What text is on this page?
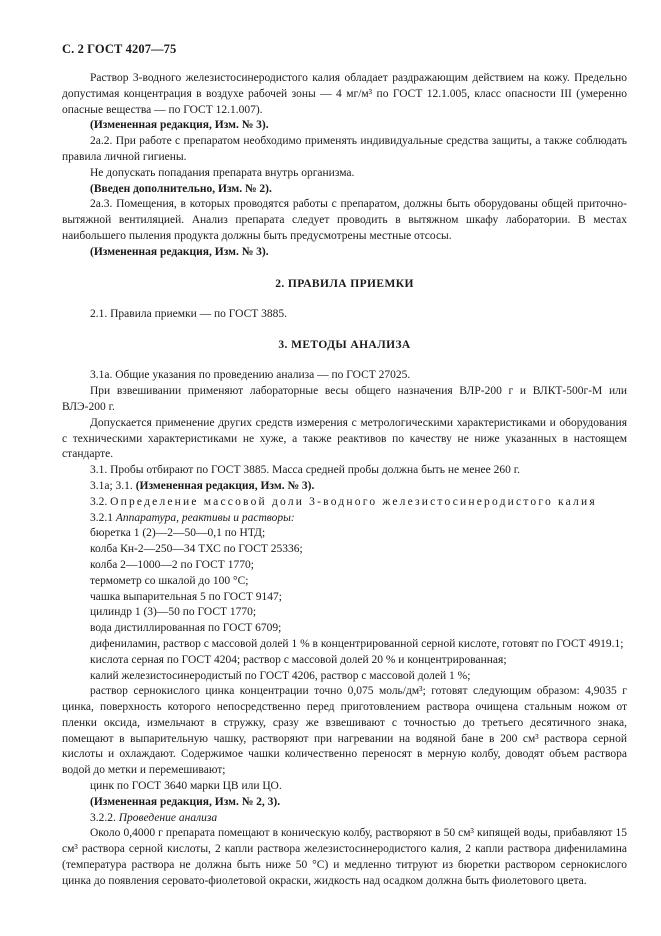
С. 2 ГОСТ 4207—75

Раствор 3-водного железистосинеродистого калия обладает раздражающим действием на кожу. Предельно допустимая концентрация в воздухе рабочей зоны — 4 мг/м³ по ГОСТ 12.1.005, класс опасности III (умеренно опасные вещества — по ГОСТ 12.1.007).

(Измененная редакция, Изм. № 3).

2а.2. При работе с препаратом необходимо применять индивидуальные средства защиты, а также соблюдать правила личной гигиены.

Не допускать попадания препарата внутрь организма.

(Введен дополнительно, Изм. № 2).

2а.3. Помещения, в которых проводятся работы с препаратом, должны быть оборудованы общей приточно-вытяжной вентиляцией. Анализ препарата следует проводить в вытяжном шкафу лаборатории. В местах наибольшего пыления продукта должны быть предусмотрены местные отсосы.

(Измененная редакция, Изм. № 3).

2. ПРАВИЛА ПРИЕМКИ

2.1. Правила приемки — по ГОСТ 3885.

3. МЕТОДЫ АНАЛИЗА

3.1а. Общие указания по проведению анализа — по ГОСТ 27025.

При взвешивании применяют лабораторные весы общего назначения ВЛР-200 г и ВЛКТ-500г-М или ВЛЭ-200 г.

Допускается применение других средств измерения с метрологическими характеристиками и оборудования с техническими характеристиками не хуже, а также реактивов по качеству не ниже указанных в настоящем стандарте.

3.1. Пробы отбирают по ГОСТ 3885. Масса средней пробы должна быть не менее 260 г.

3.1а; 3.1. (Измененная редакция, Изм. № 3).

3.2. Определение массовой доли 3-водного железистосинеродистого калия

3.2.1 Аппаратура, реактивы и растворы:

бюретка 1 (2)—2—50—0,1 по НТД;

колба Кн-2—250—34 ТХС по ГОСТ 25336;

колба 2—1000—2 по ГОСТ 1770;

термометр со шкалой до 100 °С;

чашка выпарительная 5 по ГОСТ 9147;

цилиндр 1 (3)—50 по ГОСТ 1770;

вода дистиллированная по ГОСТ 6709;

дифениламин, раствор с массовой долей 1 % в концентрированной серной кислоте, готовят по ГОСТ 4919.1;

кислота серная по ГОСТ 4204; раствор с массовой долей 20 % и концентрированная;

калий железистосинеродистый по ГОСТ 4206, раствор с массовой долей 1 %;

раствор сернокислого цинка концентрации точно 0,075 моль/дм³; готовят следующим образом: 4,9035 г цинка, поверхность которого непосредственно перед приготовлением раствора очищена стальным ножом от пленки оксида, измельчают в стружку, сразу же взвешивают с точностью до третьего десятичного знака, помещают в выпарительную чашку, растворяют при нагревании на водяной бане в 200 см³ раствора серной кислоты и охлаждают. Содержимое чашки количественно переносят в мерную колбу, доводят объем раствора водой до метки и перемешивают;

цинк по ГОСТ 3640 марки ЦВ или ЦО.

(Измененная редакция, Изм. № 2, 3).

3.2.2. Проведение анализа

Около 0,4000 г препарата помещают в коническую колбу, растворяют в 50 см³ кипящей воды, прибавляют 15 см³ раствора серной кислоты, 2 капли раствора железистосинеродистого калия, 2 капли раствора дифениламина (температура раствора не должна быть ниже 50 °С) и медленно титруют из бюретки раствором сернокислого цинка до появления серовато-фиолетовой окраски, жидкость над осадком должна быть фиолетового цвета.
